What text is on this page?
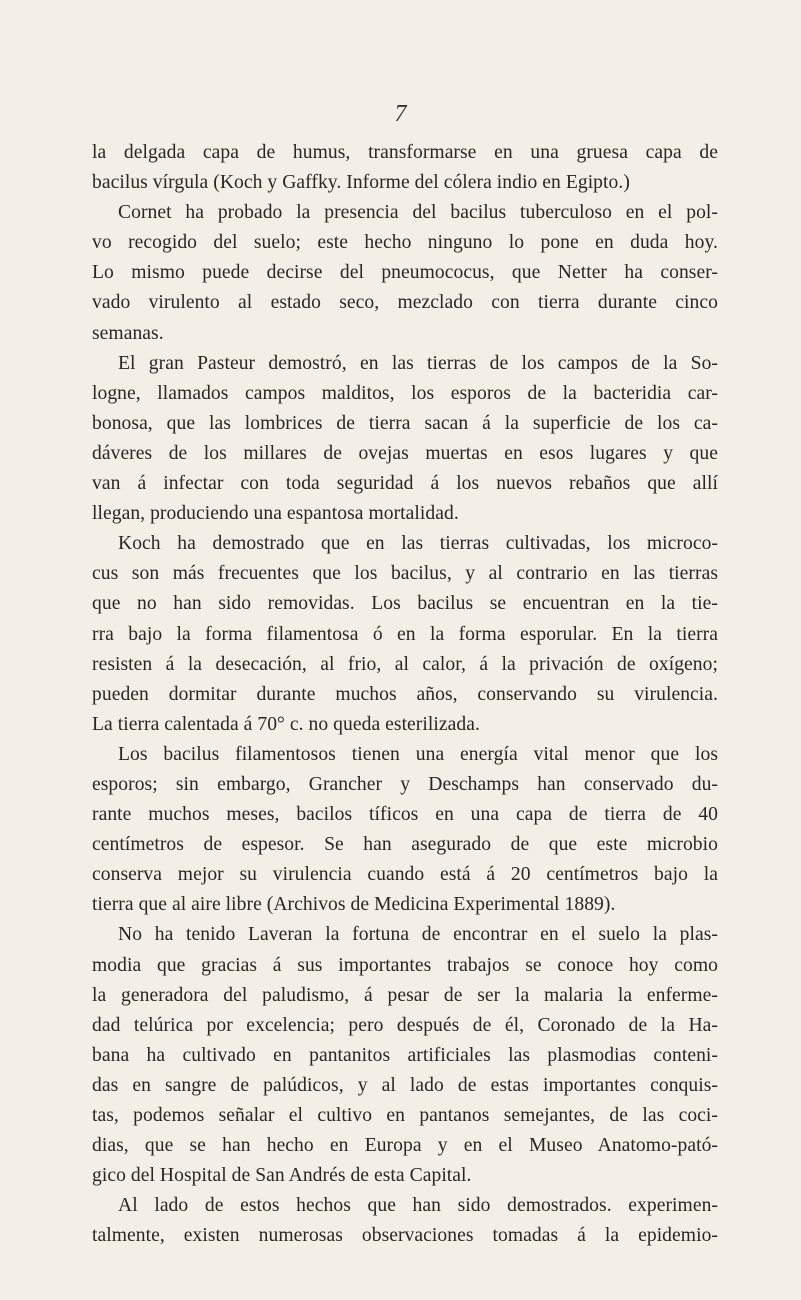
7
la delgada capa de humus, transformarse en una gruesa capa de
bacilus vírgula (Koch y Gaffky. Informe del cólera indio en Egipto.)
Cornet ha probado la presencia del bacilus tuberculoso en el pol-
vo recogido del suelo; este hecho ninguno lo pone en duda hoy.
Lo mismo puede decirse del pneumococus, que Netter ha conser-
vado virulento al estado seco, mezclado con tierra durante cinco
semanas.
El gran Pasteur demostró, en las tierras de los campos de la So-
logne, llamados campos malditos, los esporos de la bacteridia car-
bonosa, que las lombrices de tierra sacan á la superficie de los ca-
dáveres de los millares de ovejas muertas en esos lugares y que
van á infectar con toda seguridad á los nuevos rebaños que allí
llegan, produciendo una espantosa mortalidad.
Koch ha demostrado que en las tierras cultivadas, los microco-
cus son más frecuentes que los bacilus, y al contrario en las tierras
que no han sido removidas. Los bacilus se encuentran en la tie-
rra bajo la forma filamentosa ó en la forma esporular. En la tierra
resisten á la desecación, al frio, al calor, á la privación de oxígeno;
pueden dormitar durante muchos años, conservando su virulencia.
La tierra calentada á 70° c. no queda esterilizada.
Los bacilus filamentosos tienen una energía vital menor que los
esporos; sin embargo, Grancher y Deschamps han conservado du-
rante muchos meses, bacilos tíficos en una capa de tierra de 40
centímetros de espesor. Se han asegurado de que este microbio
conserva mejor su virulencia cuando está á 20 centímetros bajo la
tierra que al aire libre (Archivos de Medicina Experimental 1889).
No ha tenido Laveran la fortuna de encontrar en el suelo la plas-
modia que gracias á sus importantes trabajos se conoce hoy como
la generadora del paludismo, á pesar de ser la malaria la enferme-
dad telúrica por excelencia; pero después de él, Coronado de la Ha-
bana ha cultivado en pantanitos artificiales las plasmodias conteni-
das en sangre de palúdicos, y al lado de estas importantes conquis-
tas, podemos señalar el cultivo en pantanos semejantes, de las coci-
dias, que se han hecho en Europa y en el Museo Anatomo-pató-
gico del Hospital de San Andrés de esta Capital.
Al lado de estos hechos que han sido demostrados. experimen-
talmente, existen numerosas observaciones tomadas á la epidemio-
